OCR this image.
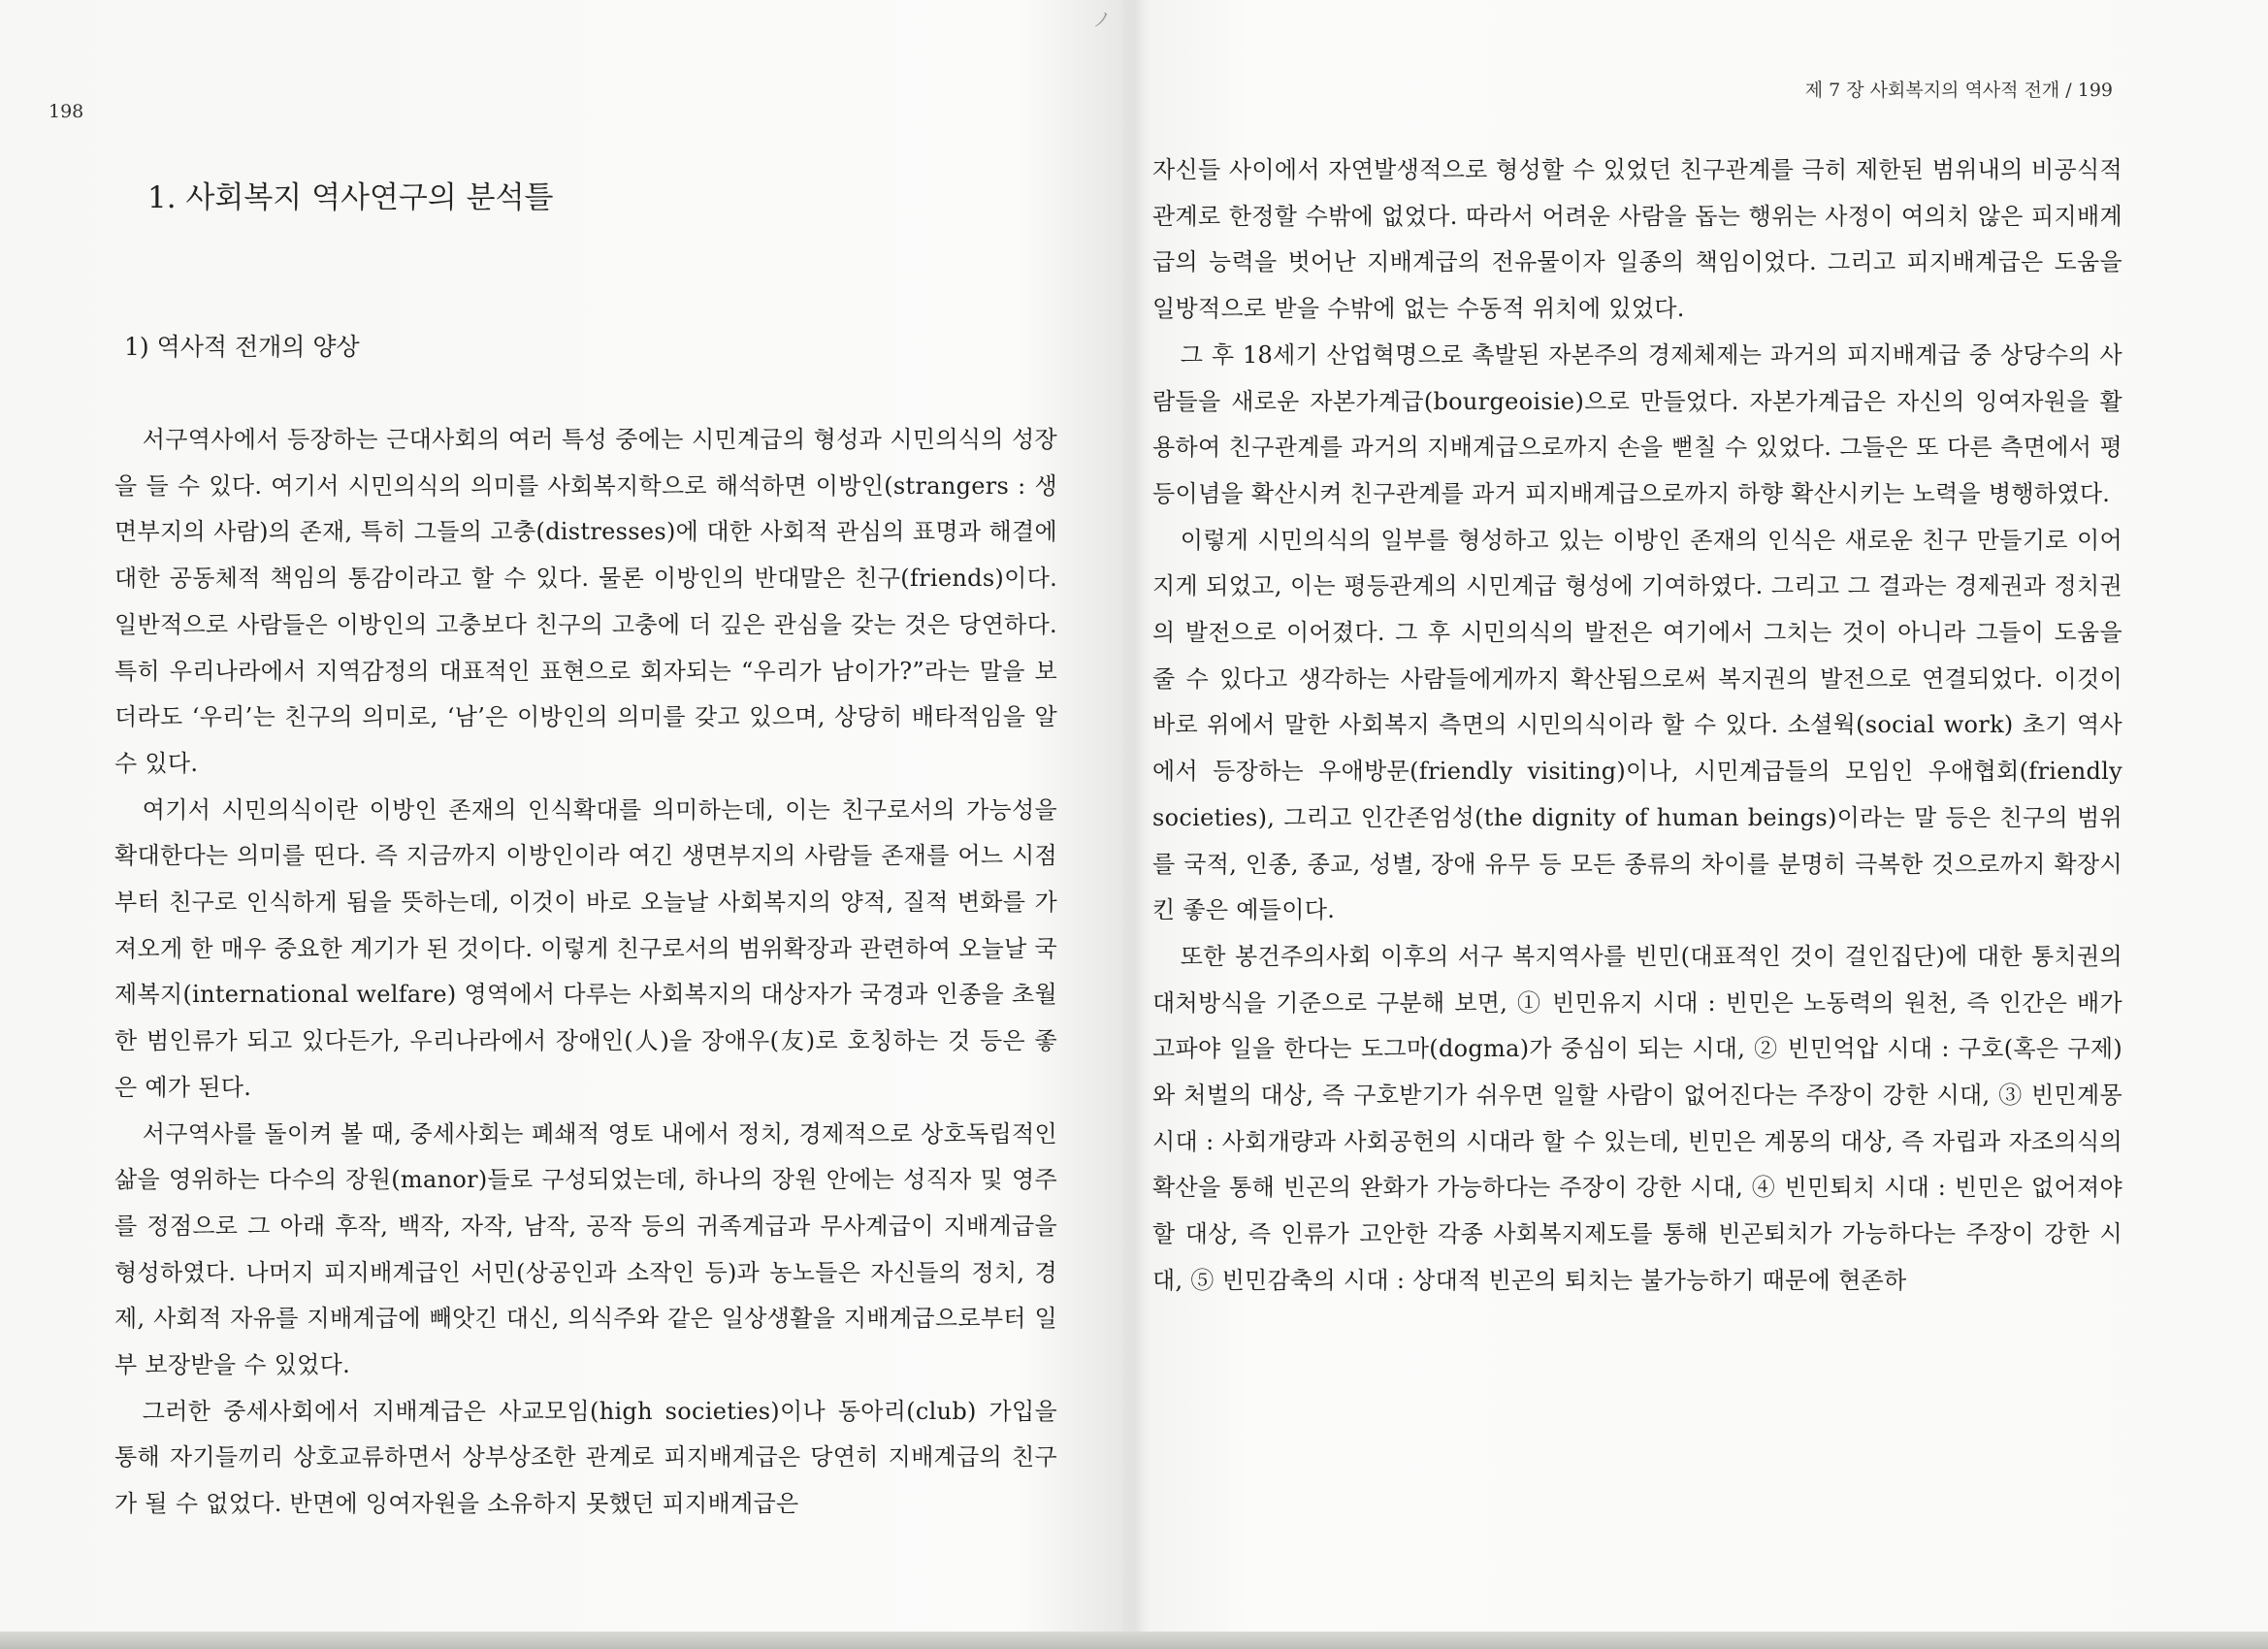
ノ
198
1. 사회복지 역사연구의 분석틀
1) 역사적 전개의 양상

서구역사에서 등장하는 근대사회의 여러 특성 중에는 시민계급의 형성과 시민의식의 성장을 들 수 있다. 여기서 시민의식의 의미를 사회복지학으로 해석하면 이방인(strangers : 생면부지의 사람)의 존재, 특히 그들의 고충(distresses)에 대한 사회적 관심의 표명과 해결에 대한 공동체적 책임의 통감이라고 할 수 있다. 물론 이방인의 반대말은 친구(friends)이다. 일반적으로 사람들은 이방인의 고충보다 친구의 고충에 더 깊은 관심을 갖는 것은 당연하다. 특히 우리나라에서 지역감정의 대표적인 표현으로 회자되는 “우리가 남이가?”라는 말을 보더라도 ‘우리’는 친구의 의미로, ‘남’은 이방인의 의미를 갖고 있으며, 상당히 배타적임을 알 수 있다.

여기서 시민의식이란 이방인 존재의 인식확대를 의미하는데, 이는 친구로서의 가능성을 확대한다는 의미를 띤다. 즉 지금까지 이방인이라 여긴 생면부지의 사람들 존재를 어느 시점부터 친구로 인식하게 됨을 뜻하는데, 이것이 바로 오늘날 사회복지의 양적, 질적 변화를 가져오게 한 매우 중요한 계기가 된 것이다. 이렇게 친구로서의 범위확장과 관련하여 오늘날 국제복지(international welfare) 영역에서 다루는 사회복지의 대상자가 국경과 인종을 초월한 범인류가 되고 있다든가, 우리나라에서 장애인(人)을 장애우(友)로 호칭하는 것 등은 좋은 예가 된다.

서구역사를 돌이켜 볼 때, 중세사회는 폐쇄적 영토 내에서 정치, 경제적으로 상호독립적인 삶을 영위하는 다수의 장원(manor)들로 구성되었는데, 하나의 장원 안에는 성직자 및 영주를 정점으로 그 아래 후작, 백작, 자작, 남작, 공작 등의 귀족계급과 무사계급이 지배계급을 형성하였다. 나머지 피지배계급인 서민(상공인과 소작인 등)과 농노들은 자신들의 정치, 경제, 사회적 자유를 지배계급에 빼앗긴 대신, 의식주와 같은 일상생활을 지배계급으로부터 일부 보장받을 수 있었다.

그러한 중세사회에서 지배계급은 사교모임(high societies)이나 동아리(club) 가입을 통해 자기들끼리 상호교류하면서 상부상조한 관계로 피지배계급은 당연히 지배계급의 친구가 될 수 없었다. 반면에 잉여자원을 소유하지 못했던 피지배계급은

제 7 장 사회복지의 역사적 전개 / 199

자신들 사이에서 자연발생적으로 형성할 수 있었던 친구관계를 극히 제한된 범위내의 비공식적 관계로 한정할 수밖에 없었다. 따라서 어려운 사람을 돕는 행위는 사정이 여의치 않은 피지배계급의 능력을 벗어난 지배계급의 전유물이자 일종의 책임이었다. 그리고 피지배계급은 도움을 일방적으로 받을 수밖에 없는 수동적 위치에 있었다.

그 후 18세기 산업혁명으로 촉발된 자본주의 경제체제는 과거의 피지배계급 중 상당수의 사람들을 새로운 자본가계급(bourgeoisie)으로 만들었다. 자본가계급은 자신의 잉여자원을 활용하여 친구관계를 과거의 지배계급으로까지 손을 뻗칠 수 있었다. 그들은 또 다른 측면에서 평등이념을 확산시켜 친구관계를 과거 피지배계급으로까지 하향 확산시키는 노력을 병행하였다.

이렇게 시민의식의 일부를 형성하고 있는 이방인 존재의 인식은 새로운 친구 만들기로 이어지게 되었고, 이는 평등관계의 시민계급 형성에 기여하였다. 그리고 그 결과는 경제권과 정치권의 발전으로 이어졌다. 그 후 시민의식의 발전은 여기에서 그치는 것이 아니라 그들이 도움을 줄 수 있다고 생각하는 사람들에게까지 확산됨으로써 복지권의 발전으로 연결되었다. 이것이 바로 위에서 말한 사회복지 측면의 시민의식이라 할 수 있다. 소셜웍(social work) 초기 역사에서 등장하는 우애방문(friendly visiting)이나, 시민계급들의 모임인 우애협회(friendly societies), 그리고 인간존엄성(the dignity of human beings)이라는 말 등은 친구의 범위를 국적, 인종, 종교, 성별, 장애 유무 등 모든 종류의 차이를 분명히 극복한 것으로까지 확장시킨 좋은 예들이다.

또한 봉건주의사회 이후의 서구 복지역사를 빈민(대표적인 것이 걸인집단)에 대한 통치권의 대처방식을 기준으로 구분해 보면, ① 빈민유지 시대 : 빈민은 노동력의 원천, 즉 인간은 배가 고파야 일을 한다는 도그마(dogma)가 중심이 되는 시대, ② 빈민억압 시대 : 구호(혹은 구제)와 처벌의 대상, 즉 구호받기가 쉬우면 일할 사람이 없어진다는 주장이 강한 시대, ③ 빈민계몽 시대 : 사회개량과 사회공헌의 시대라 할 수 있는데, 빈민은 계몽의 대상, 즉 자립과 자조의식의 확산을 통해 빈곤의 완화가 가능하다는 주장이 강한 시대, ④ 빈민퇴치 시대 : 빈민은 없어져야 할 대상, 즉 인류가 고안한 각종 사회복지제도를 통해 빈곤퇴치가 가능하다는 주장이 강한 시대, ⑤ 빈민감축의 시대 : 상대적 빈곤의 퇴치는 불가능하기 때문에 현존하
